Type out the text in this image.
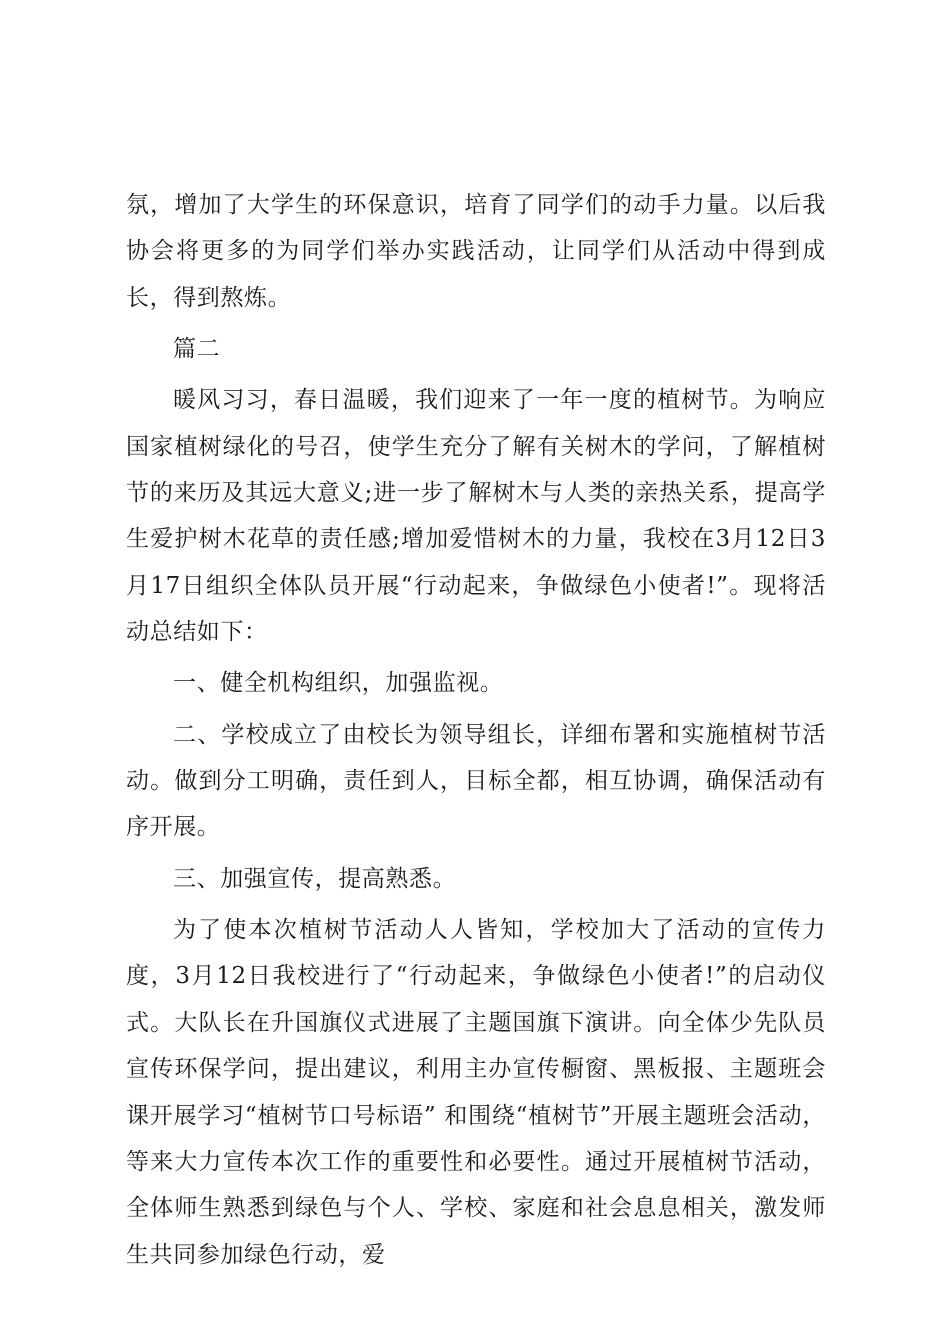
氛，增加了大学生的环保意识，培育了同学们的动手力量。以后我协会将更多的为同学们举办实践活动，让同学们从活动中得到成长，得到熬炼。

篇二

暖风习习，春日温暖，我们迎来了一年一度的植树节。为响应国家植树绿化的号召，使学生充分了解有关树木的学问，了解植树节的来历及其远大意义;进一步了解树木与人类的亲热关系，提高学生爱护树木花草的责任感;增加爱惜树木的力量，我校在3月12日3月17日组织全体队员开展“行动起来，争做绿色小使者!”。现将活动总结如下：

一、健全机构组织，加强监视。

二、学校成立了由校长为领导组长，详细布署和实施植树节活动。做到分工明确，责任到人，目标全都，相互协调，确保活动有序开展。

三、加强宣传，提高熟悉。

为了使本次植树节活动人人皆知，学校加大了活动的宣传力度，3月12日我校进行了“行动起来，争做绿色小使者!”的启动仪式。大队长在升国旗仪式进展了主题国旗下演讲。向全体少先队员宣传环保学问，提出建议，利用主办宣传橱窗、黑板报、主题班会课开展学习“植树节口号标语” 和围绕“植树节”开展主题班会活动，等来大力宣传本次工作的重要性和必要性。通过开展植树节活动，全体师生熟悉到绿色与个人、学校、家庭和社会息息相关，激发师生共同参加绿色行动，爱
